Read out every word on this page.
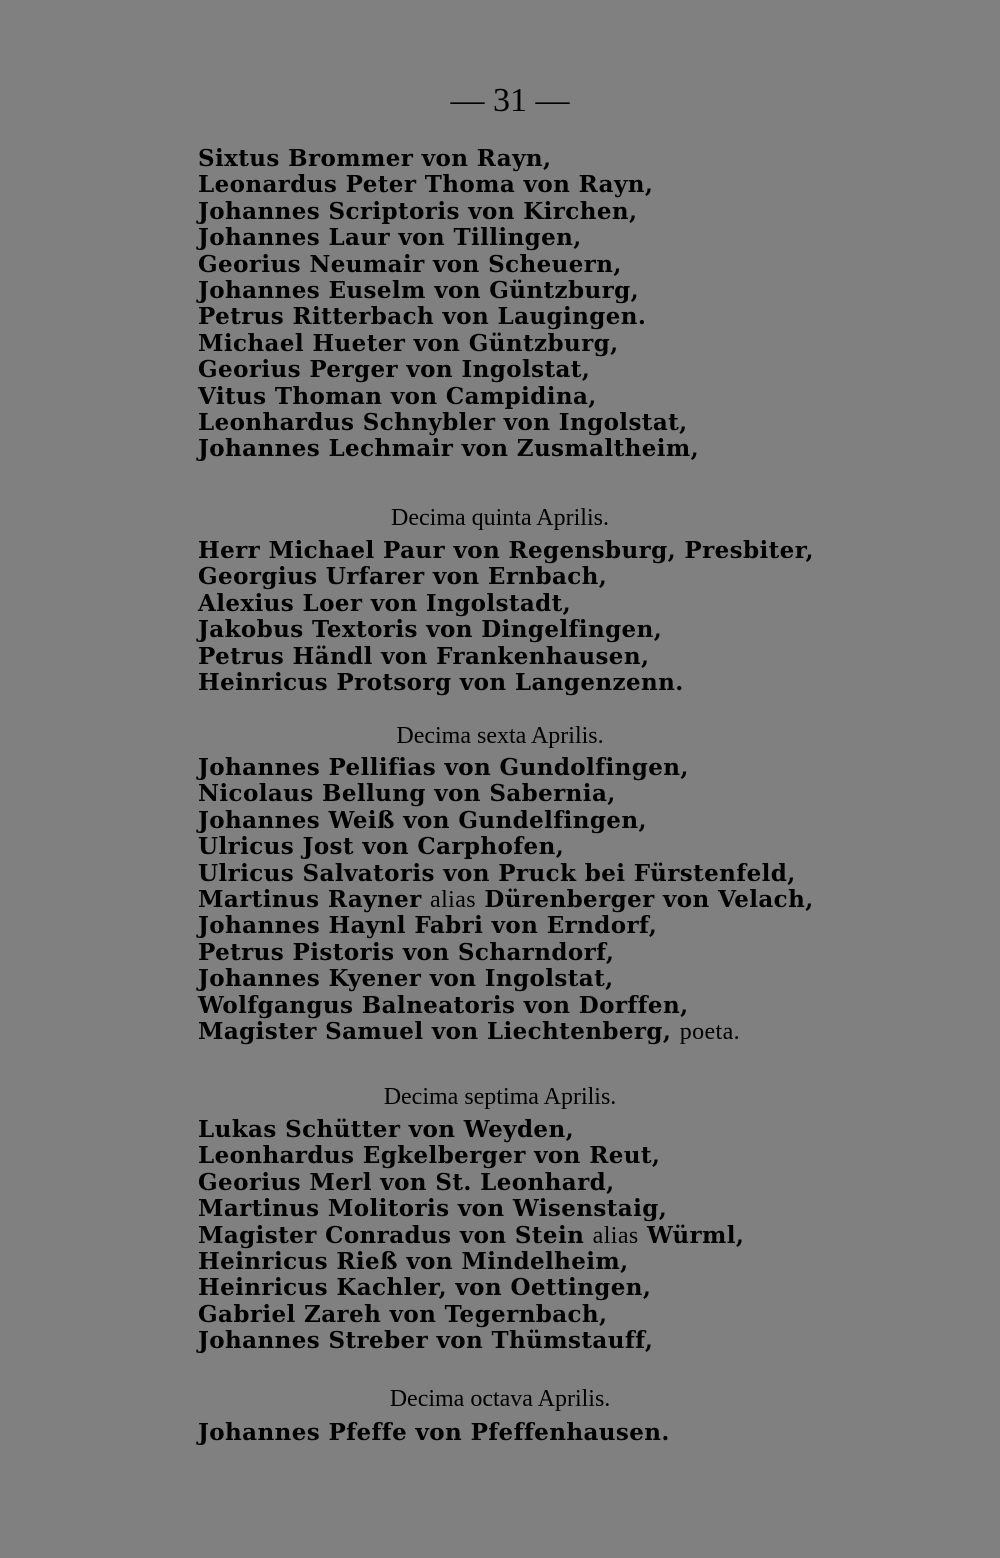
— 31 —
Sixtus Brommer von Rayn,
Leonardus Peter Thoma von Rayn,
Johannes Scriptoris von Kirchen,
Johannes Laur von Tillingen,
Georius Neumair von Scheuern,
Johannes Euselm von Güntzburg,
Petrus Ritterbach von Laugingen.
Michael Hueter von Güntzburg,
Georius Perger von Ingolstat,
Vitus Thoman von Campidina,
Leonhardus Schnybler von Ingolstat,
Johannes Lechmair von Zusmaltheim,
Decima quinta Aprilis.
Herr Michael Paur von Regensburg, Presbiter,
Georgius Urfarer von Ernbach,
Alexius Loer von Ingolstadt,
Jakobus Textoris von Dingelfingen,
Petrus Händl von Frankenhausen,
Heinricus Protsorg von Langenzenn.
Decima sexta Aprilis.
Johannes Pellifias von Gundolfingen,
Nicolaus Bellung von Sabernia,
Johannes Weiß von Gundelfingen,
Ulricus Jost von Carphofen,
Ulricus Salvatoris von Pruck bei Fürstenfeld,
Martinus Rayner alias Dürenberger von Velach,
Johannes Haynl Fabri von Erndorf,
Petrus Pistoris von Scharndorf,
Johannes Kyener von Ingolstat,
Wolfgangus Balneatoris von Dorffen,
Magister Samuel von Liechtenberg, poeta.
Decima septima Aprilis.
Lukas Schütter von Weyden,
Leonhardus Egkelberger von Reut,
Georius Merl von St. Leonhard,
Martinus Molitoris von Wisenstaig,
Magister Conradus von Stein alias Würml,
Heinricus Rieß von Mindelheim,
Heinricus Kachler, von Oettingen,
Gabriel Zareh von Tegernbach,
Johannes Streber von Thümstauff,
Decima octava Aprilis.
Johannes Pfeffe von Pfeffenhausen.
